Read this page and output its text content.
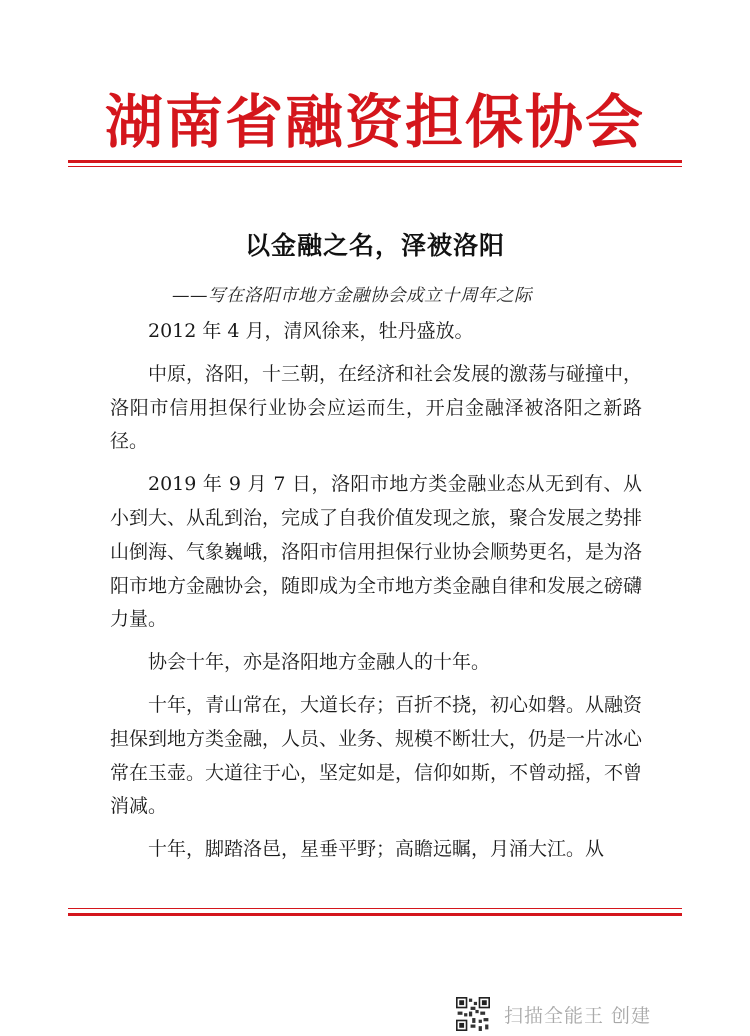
湖南省融资担保协会
以金融之名，泽被洛阳
——写在洛阳市地方金融协会成立十周年之际

2012 年 4 月，清风徐来，牡丹盛放。

中原，洛阳，十三朝，在经济和社会发展的激荡与碰撞中，洛阳市信用担保行业协会应运而生，开启金融泽被洛阳之新路径。

2019 年 9 月 7 日，洛阳市地方类金融业态从无到有、从小到大、从乱到治，完成了自我价值发现之旅，聚合发展之势排山倒海、气象巍峨，洛阳市信用担保行业协会顺势更名，是为洛阳市地方金融协会，随即成为全市地方类金融自律和发展之磅礴力量。

协会十年，亦是洛阳地方金融人的十年。

十年，青山常在，大道长存；百折不挠，初心如磐。从融资担保到地方类金融，人员、业务、规模不断壮大，仍是一片冰心常在玉壶。大道往于心，坚定如是，信仰如斯，不曾动摇，不曾消减。

十年，脚踏洛邑，星垂平野；高瞻远瞩，月涌大江。从

扫描全能王 创建
